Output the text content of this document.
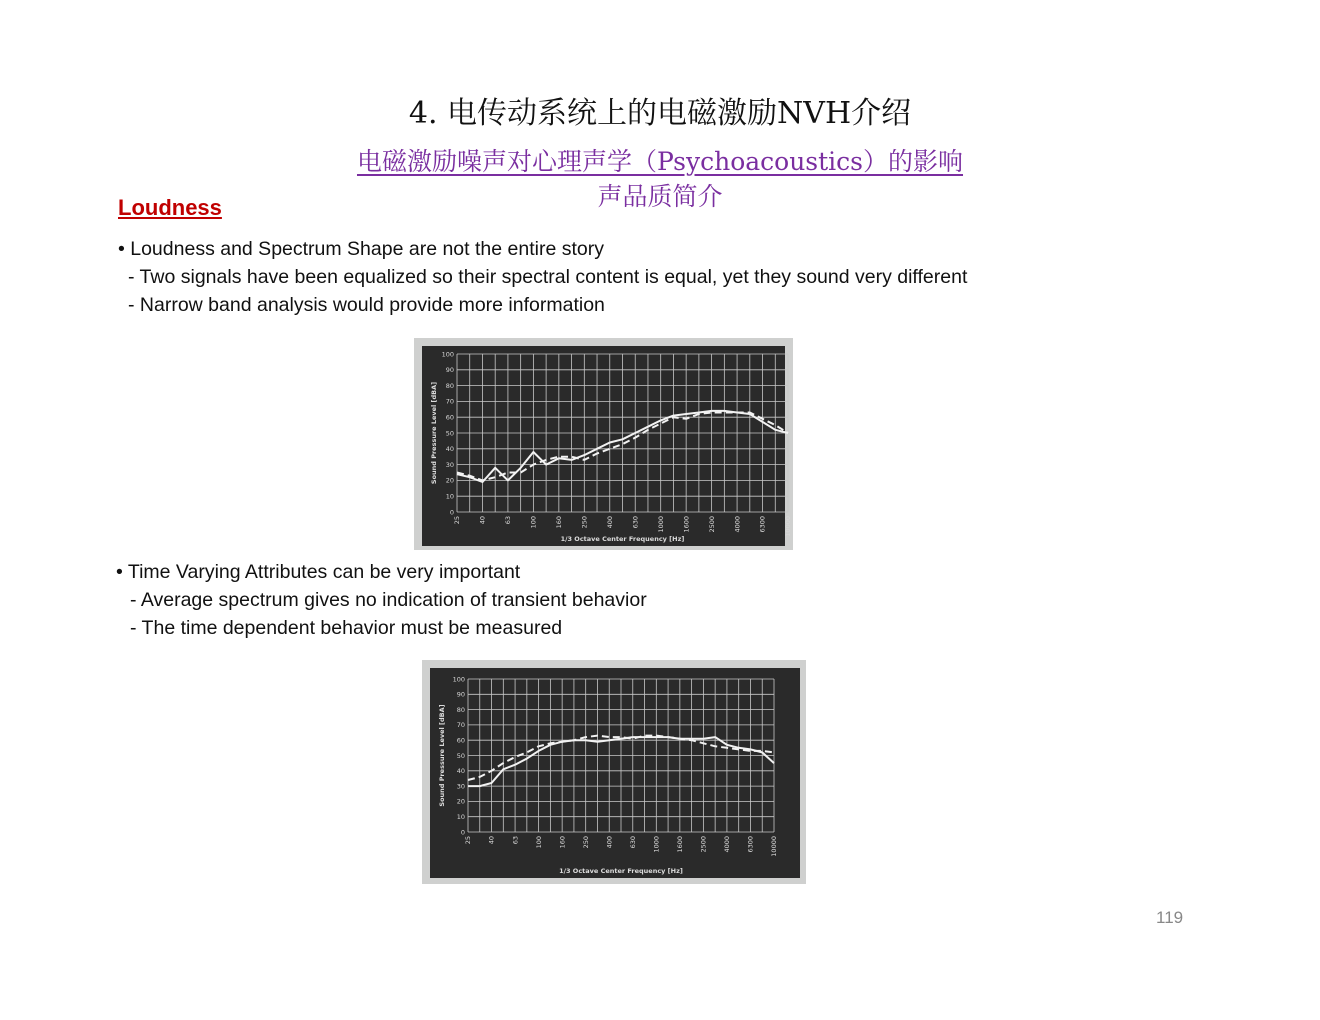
4. 电传动系统上的电磁激励NVH介绍
电磁激励噪声对心理声学（Psychoacoustics）的影响
声品质简介
Loudness
• Loudness and Spectrum Shape are not the entire story
- Two signals have been equalized so their spectral content is equal, yet they sound very different
- Narrow band analysis would provide more information
0
10
20
30
40
50
60
70
80
90
100
25	40	63	100	160	250	400	630	1000	1600	2500	4000	6300	10000
1/3 Octave Center Frequency [Hz]
Sound Pressure Level [dBA]
• Time Varying Attributes can be very important
- Average spectrum gives no indication of transient behavior
- The time dependent behavior must be measured
0
10
20
30
40
50
60
70
80
90
100
25 40 63 100 160 250 400 630 1000 1600 2500 4000 6300 10000
1/3 Octave Center Frequency [Hz]
Sound Pressure Level [dBA]
119
